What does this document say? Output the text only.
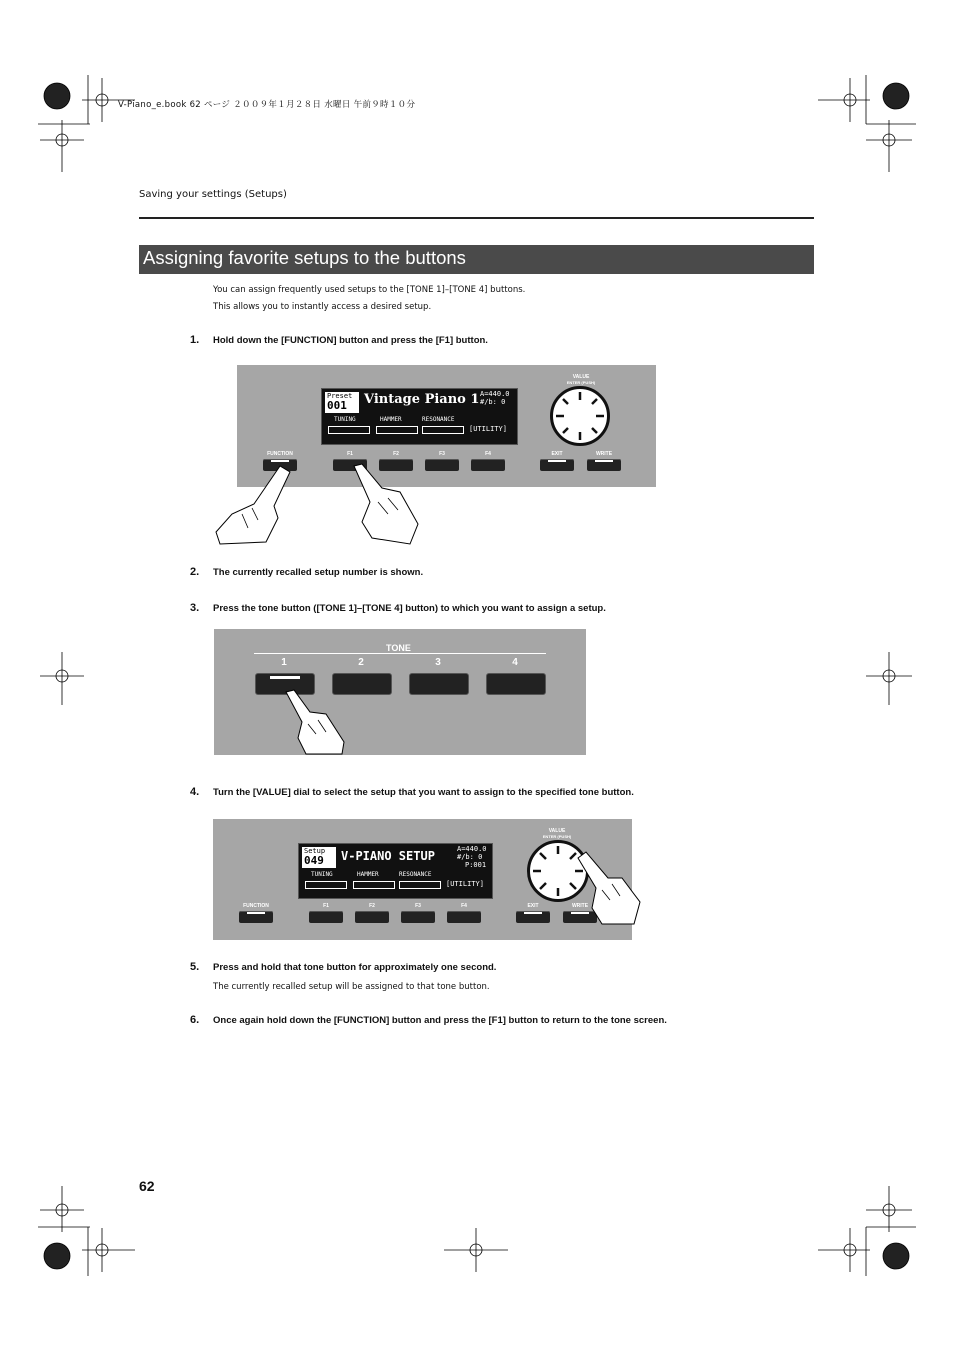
V-Piano_e.book 62 ページ ２００９年１月２８日 水曜日 午前９時１０分
Saving your settings (Setups)
Assigning favorite setups to the buttons
You can assign frequently used setups to the [TONE 1]–[TONE 4] buttons.
This allows you to instantly access a desired setup.
1. Hold down the [FUNCTION] button and press the [F1] button.
Preset
001	Vintage Piano 1 A=440.0
#/b: 0
TUNING	HAMMER	RESONANCE
[UTILITY]
VALUE
ENTER (PUSH)
FUNCTION	F1	F2	F3	F4	EXIT	WRITE
2. The currently recalled setup number is shown.
3. Press the tone button ([TONE 1]–[TONE 4] button) to which you want to assign a setup.
TONE
1	2	3	4
4. Turn the [VALUE] dial to select the setup that you want to assign to the specified tone button.
Setup
049	V-PIANO SETUP	A=440.0
#/b: 0
P:001
TUNING	HAMMER	RESONANCE
[UTILITY]
VALUE
ENTER (PUSH)
FUNCTION	F1	F2	F3	F4	EXIT	WRITE
5. Press and hold that tone button for approximately one second.
The currently recalled setup will be assigned to that tone button.
6. Once again hold down the [FUNCTION] button and press the [F1] button to return to the tone screen.
62
